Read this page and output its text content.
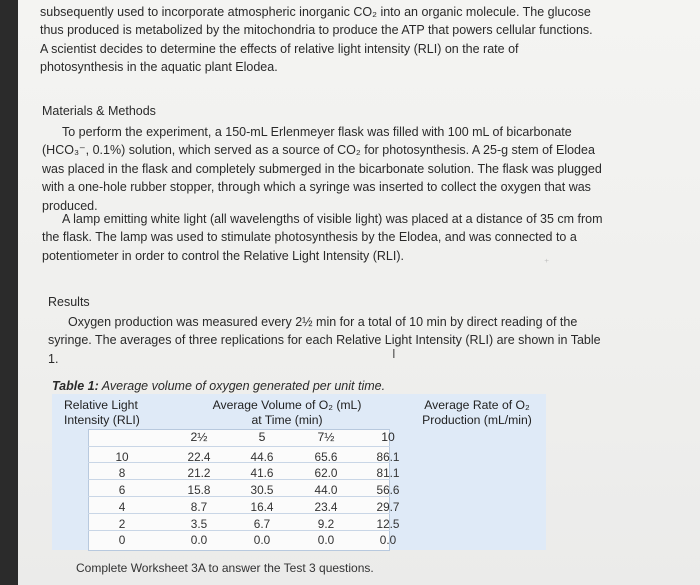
subsequently used to incorporate atmospheric inorganic CO₂ into an organic molecule. The glucose thus produced is metabolized by the mitochondria to produce the ATP that powers cellular functions. A scientist decides to determine the effects of relative light intensity (RLI) on the rate of photosynthesis in the aquatic plant Elodea.
Materials & Methods
To perform the experiment, a 150-mL Erlenmeyer flask was filled with 100 mL of bicarbonate (HCO₃⁻, 0.1%) solution, which served as a source of CO₂ for photosynthesis. A 25-g stem of Elodea was placed in the flask and completely submerged in the bicarbonate solution. The flask was plugged with a one-hole rubber stopper, through which a syringe was inserted to collect the oxygen that was produced.
A lamp emitting white light (all wavelengths of visible light) was placed at a distance of 35 cm from the flask. The lamp was used to stimulate photosynthesis by the Elodea, and was connected to a potentiometer in order to control the Relative Light Intensity (RLI).
⁺
Results
Oxygen production was measured every 2½ min for a total of 10 min by direct reading of the syringe. The averages of three replications for each Relative Light Intensity (RLI) are shown in Table 1.	I
Table 1: Average volume of oxygen generated per unit time.
Relative Light
Intensity (RLI)
Average Volume of O₂ (mL)
at Time (min)
Average Rate of O₂
Production (mL/min)
2½	5	7½	10
10	22.4	44.6	65.6	86.1
8	21.2	41.6	62.0	81.1
6	15.8	30.5	44.0	56.6
4	8.7	16.4	23.4	29.7
2	3.5	6.7	9.2	12.5
0	0.0	0.0	0.0	0.0
Complete Worksheet 3A to answer the Test 3 questions.
